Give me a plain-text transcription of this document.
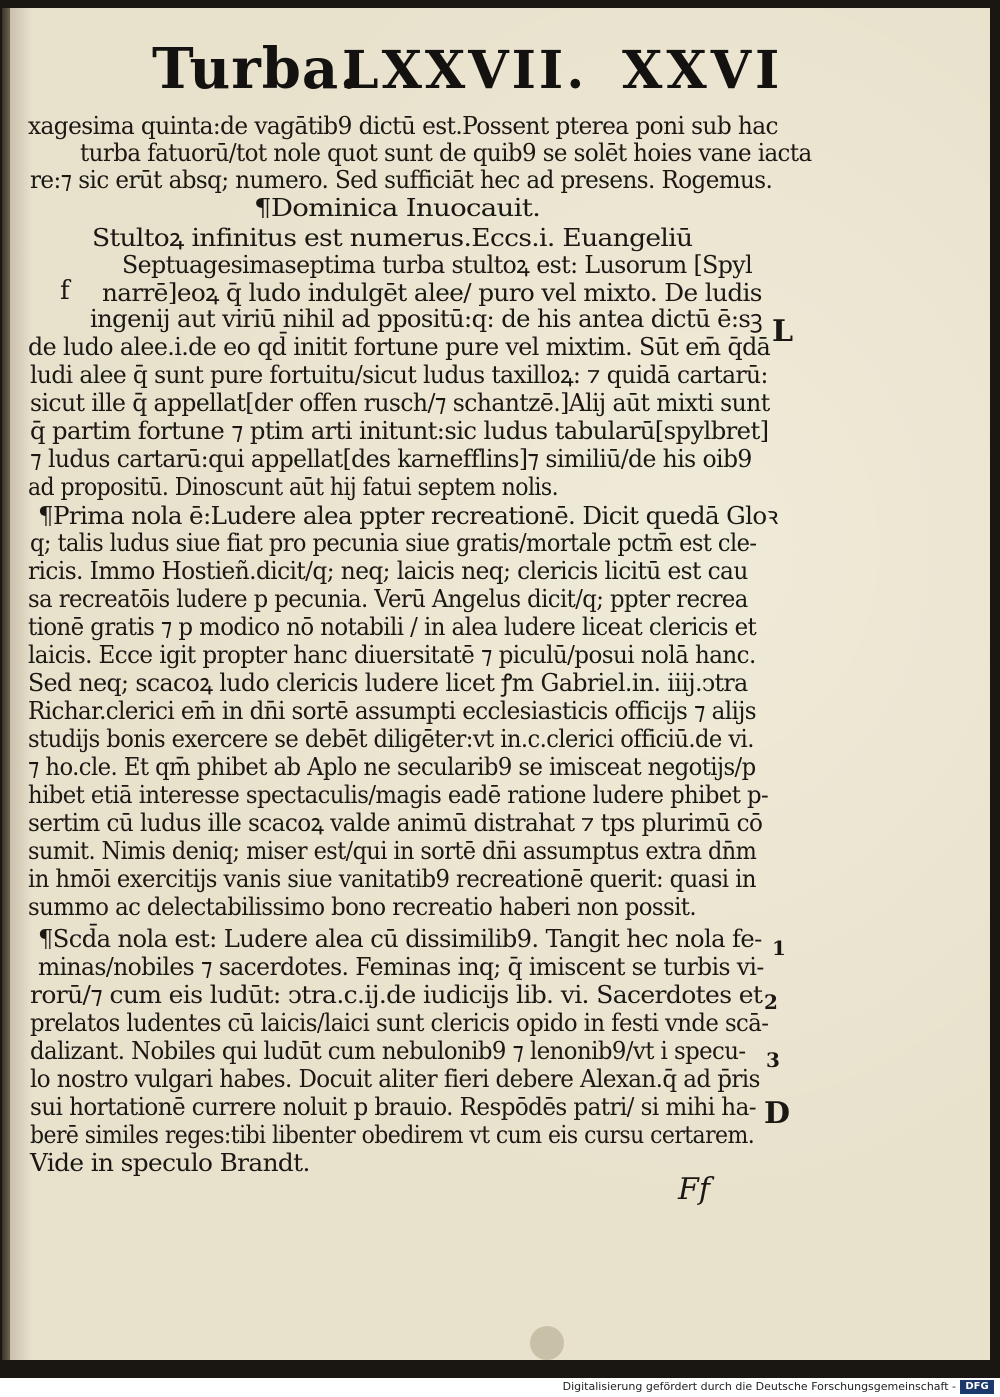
Turba.
LXXVII. XXVI
xagesima quinta:de vagātib9 dictū est.Possent pterea poni sub hac
turba fatuorū/tot nole quot sunt de quib9 se solēt hoies vane iacta
re:⁊ sic erūt absq; numero. Sed sufficiāt hec ad presens. Rogemus.
¶Dominica Inuocauit.
Stultoꝝ infinitus est numerus.Eccs.i. Euangeliū
Septuagesimaseptima turba stultoꝝ est: Lusorum [Spyl
narrē]eoꝝ q̄ ludo indulgēt alee/ puro vel mixto. De ludis
ingenij aut viriū nihil ad ppositū:q: de his antea dictū ē:sꝫ
de ludo alee.i.de eo qd̄ initit fortune pure vel mixtim. Sūt em̄ q̄dā
ludi alee q̄ sunt pure fortuitu/sicut ludus taxilloꝝ: ⁊ quidā cartarū:
sicut ille q̄ appellat[der offen rusch/⁊ schantzē.]Alij aūt mixti sunt
q̄ partim fortune ⁊ ptim arti initunt:sic ludus tabularū[spylbret]
⁊ ludus cartarū:qui appellat[des karnefflins]⁊ similiū/de his oib9
ad propositū. Dinoscunt aūt hij fatui septem nolis.
¶Prima nola ē:Ludere alea ppter recreationē. Dicit quedā Gloꝛ
q; talis ludus siue fiat pro pecunia siue gratis/mortale pctm̄ est cle-
ricis. Immo Hostieñ.dicit/q; neq; laicis neq; clericis licitū est cau
sa recreatōis ludere p pecunia. Verū Angelus dicit/q; ppter recrea
tionē gratis ⁊ p modico nō notabili / in alea ludere liceat clericis et
laicis. Ecce igit propter hanc diuersitatē ⁊ piculū/posui nolā hanc.
Sed neq; scacoꝝ ludo clericis ludere licet ꝭm Gabriel.in. iiij.ↄtra
Richar.clerici em̄ in dn̄i sortē assumpti ecclesiasticis officijs ⁊ alijs
studijs bonis exercere se debēt diligēter:vt in.c.clerici officiū.de vi.
⁊ ho.cle. Et qm̄ phibet ab Aplo ne secularib9 se imisceat negotijs/p
hibet etiā interesse spectaculis/magis eadē ratione ludere phibet p-
sertim cū ludus ille scacoꝝ valde animū distrahat ⁊ tps plurimū cō
sumit. Nimis deniq; miser est/qui in sortē dn̄i assumptus extra dn̄m
in hmōi exercitijs vanis siue vanitatib9 recreationē querit: quasi in
summo ac delectabilissimo bono recreatio haberi non possit.
¶Scd̄a nola est: Ludere alea cū dissimilib9. Tangit hec nola fe-
minas/nobiles ⁊ sacerdotes. Feminas inq; q̄ imiscent se turbis vi-
rorū/⁊ cum eis ludūt: ↄtra.c.ij.de iudicijs lib. vi. Sacerdotes et
prelatos ludentes cū laicis/laici sunt clericis opido in festi vnde scā-
dalizant. Nobiles qui ludūt cum nebulonib9 ⁊ lenonib9/vt i specu-
lo nostro vulgari habes. Docuit aliter fieri debere Alexan.q̄ ad p̄ris
sui hortationē currere noluit p brauio. Respōdēs patri/ si mihi ha-
berē similes reges:tibi libenter obedirem vt cum eis cursu certarem.
Vide in speculo Brandt.
f
L
1
2
3
D
Ff
Digitalisierung gefördert durch die Deutsche Forschungsgemeinschaft - DFG
